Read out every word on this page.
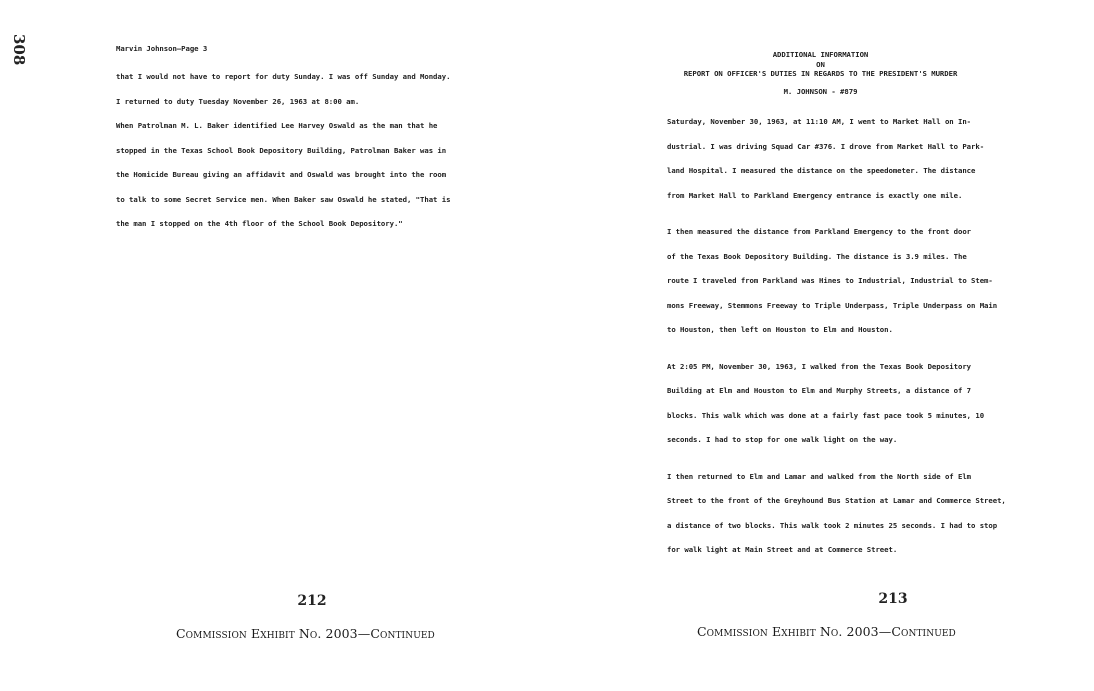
308	Marvin Johnson—Page 3
that I would not have to report for duty Sunday. I was off Sunday and Monday.
I returned to duty Tuesday November 26, 1963 at 8:00 am.
When Patrolman M. L. Baker identified Lee Harvey Oswald as the man that he
stopped in the Texas School Book Depository Building, Patrolman Baker was in
the Homicide Bureau giving an affidavit and Oswald was brought into the room
to talk to some Secret Service men. When Baker saw Oswald he stated, "That is
the man I stopped on the 4th floor of the School Book Depository."
212
Commission Exhibit No. 2003—Continued
ADDITIONAL INFORMATION
ON
REPORT ON OFFICER'S DUTIES IN REGARDS TO THE PRESIDENT'S MURDER
M. JOHNSON - #879
Saturday, November 30, 1963, at 11:10 AM, I went to Market Hall on In-
dustrial. I was driving Squad Car #376. I drove from Market Hall to Park-
land Hospital. I measured the distance on the speedometer. The distance
from Market Hall to Parkland Emergency entrance is exactly one mile.
I then measured the distance from Parkland Emergency to the front door
of the Texas Book Depository Building. The distance is 3.9 miles. The
route I traveled from Parkland was Hines to Industrial, Industrial to Stem-
mons Freeway, Stemmons Freeway to Triple Underpass, Triple Underpass on Main
to Houston, then left on Houston to Elm and Houston.
At 2:05 PM, November 30, 1963, I walked from the Texas Book Depository
Building at Elm and Houston to Elm and Murphy Streets, a distance of 7
blocks. This walk which was done at a fairly fast pace took 5 minutes, 10
seconds. I had to stop for one walk light on the way.
I then returned to Elm and Lamar and walked from the North side of Elm
Street to the front of the Greyhound Bus Station at Lamar and Commerce Street,
a distance of two blocks. This walk took 2 minutes 25 seconds. I had to stop
for walk light at Main Street and at Commerce Street.
213
Commission Exhibit No. 2003—Continued
